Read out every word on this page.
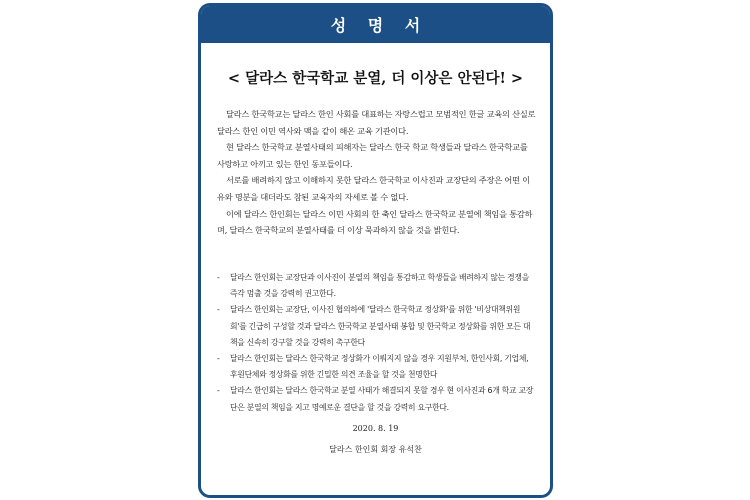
성 명 서
< 달라스 한국학교 분열, 더 이상은 안된다! >

달라스 한국학교는 달라스 한인 사회를 대표하는 자랑스럽고 모범적인 한글 교육의 산실로 달라스 한인 이민 역사와 맥을 같이 해온 교육 기관이다.

현 달라스 한국학교 분열사태의 피해자는 달라스 한국 학교 학생들과 달라스 한국학교를 사랑하고 아끼고 있는 한인 동포들이다.

서로를 배려하지 않고 이해하지 못한 달라스 한국학교 이사진과 교장단의 주장은 어떤 이유와 명분을 대더라도 참된 교육자의 자세로 볼 수 없다.

이에 달라스 한인회는 달라스 이민 사회의 한 축인 달라스 한국학교 분열에 책임을 통감하며, 달라스 한국학교의 분열사태를 더 이상 묵과하지 않을 것을 밝힌다.

-	달라스 한인회는 교장단과 이사진이 분열의 책임을 통감하고 학생들을 배려하지 않는 경쟁을 즉각 멈출 것을 강력히 권고한다.
-	달라스 한인회는 교장단, 이사진 협의하에 '달라스 한국학교 정상화'를 위한 '비상대책위원회'를 긴급히 구성할 것과 달라스 한국학교 분열사태 봉합 및 한국학교 정상화를 위한 모든 대책을 신속히 강구할 것을 강력히 촉구한다
-	달라스 한인회는 달라스 한국학교 정상화가 이뤄지지 않을 경우 지원부처, 한인사회, 기업체, 후원단체와 정상화를 위한 긴밀한 의견 조율을 할 것을 천명한다
-	달라스 한인회는 달라스 한국학교 분열 사태가 해결되지 못할 경우 현 이사진과 6개 학교 교장단은 분열의 책임을 지고 명예로운 결단을 할 것을 강력히 요구한다.
2020. 8. 19
달라스 한인회 회장 유석찬
